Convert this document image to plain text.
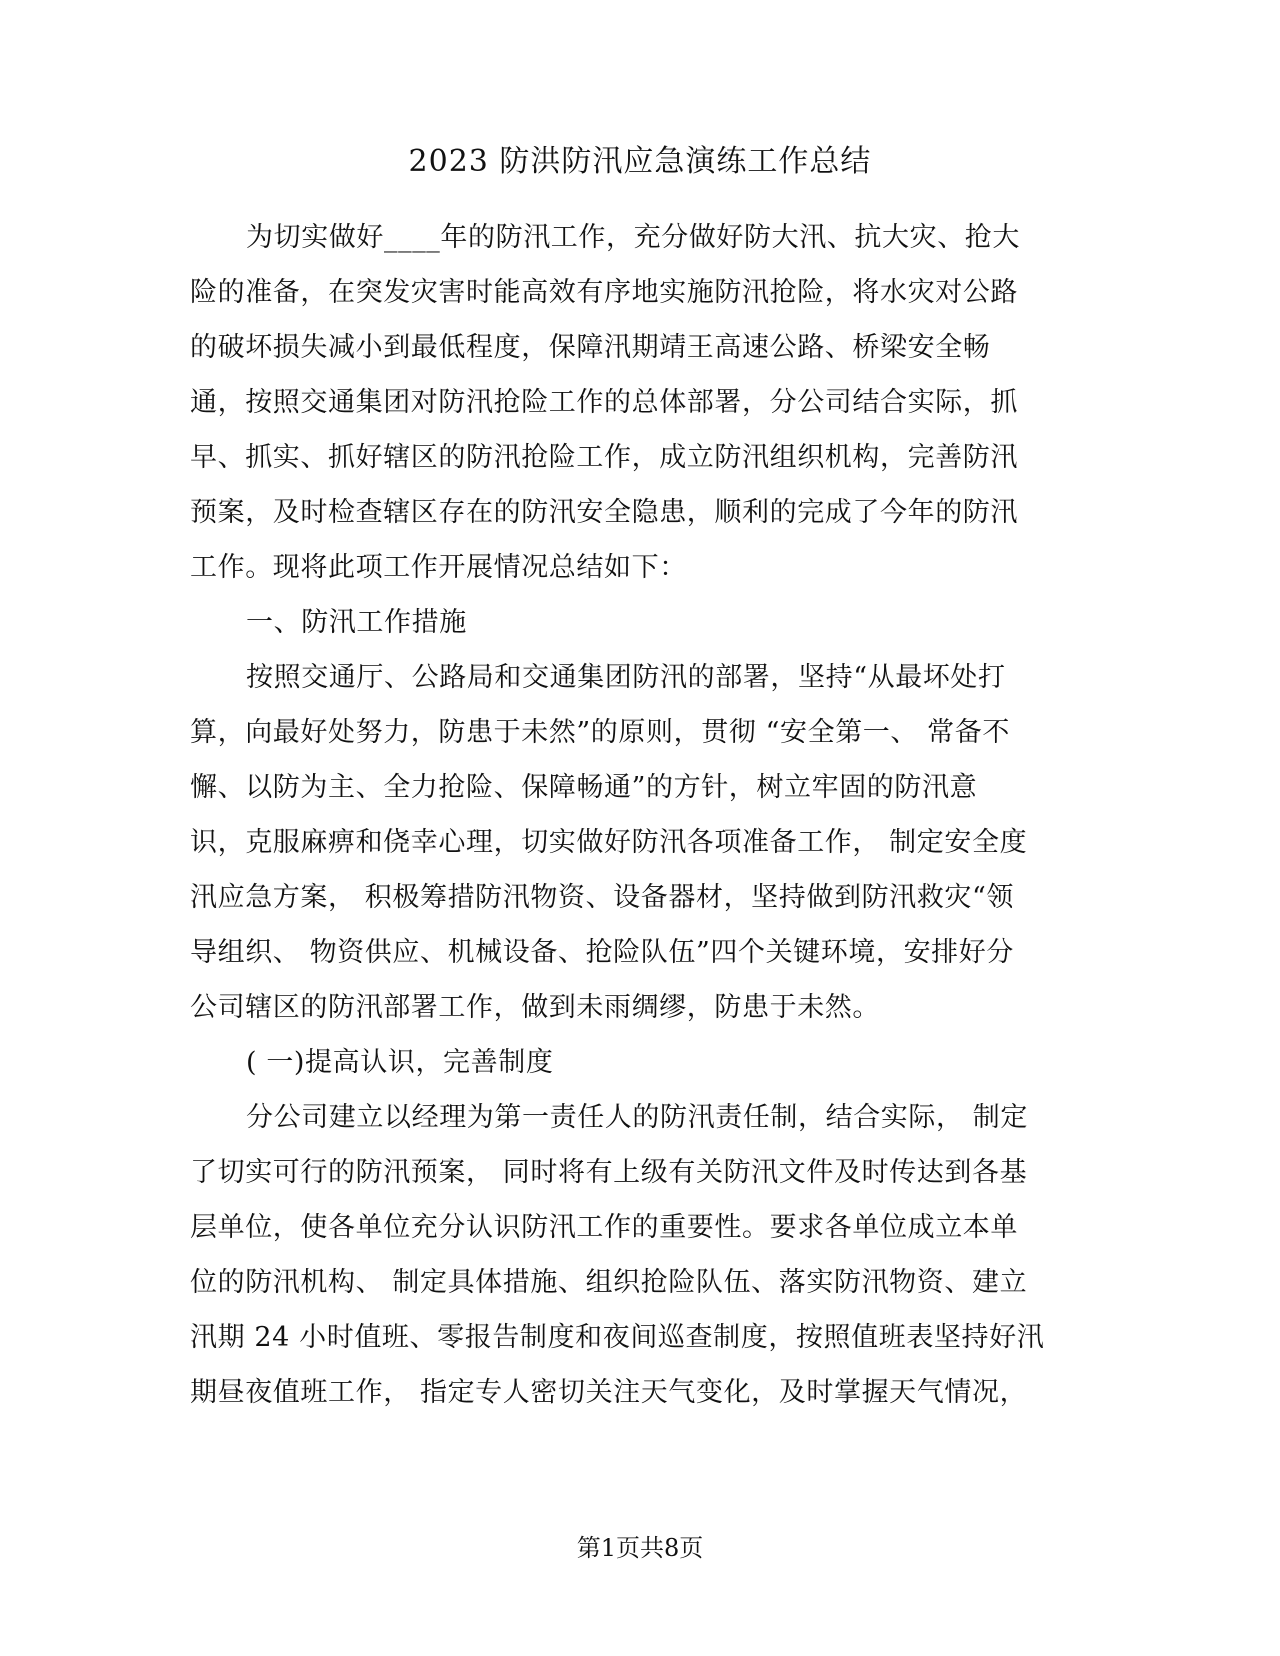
2023 防洪防汛应急演练工作总结
为切实做好____年的防汛工作，充分做好防大汛、抗大灾、抢大
险的准备，在突发灾害时能高效有序地实施防汛抢险，将水灾对公路
的破坏损失减小到最低程度，保障汛期靖王高速公路、桥梁安全畅
通，按照交通集团对防汛抢险工作的总体部署，分公司结合实际，抓
早、抓实、抓好辖区的防汛抢险工作，成立防汛组织机构，完善防汛
预案，及时检查辖区存在的防汛安全隐患，顺利的完成了今年的防汛
工作。现将此项工作开展情况总结如下：
一、防汛工作措施
按照交通厅、公路局和交通集团防汛的部署，坚持“从最坏处打
算，向最好处努力，防患于未然”的原则，贯彻 “安全第一、 常备不
懈、以防为主、全力抢险、保障畅通”的方针，树立牢固的防汛意
识，克服麻痹和侥幸心理，切实做好防汛各项准备工作， 制定安全度
汛应急方案， 积极筹措防汛物资、设备器材，坚持做到防汛救灾“领
导组织、 物资供应、机械设备、抢险队伍”四个关键环境，安排好分
公司辖区的防汛部署工作，做到未雨绸缪，防患于未然。
( 一)提高认识，完善制度
分公司建立以经理为第一责任人的防汛责任制，结合实际， 制定
了切实可行的防汛预案， 同时将有上级有关防汛文件及时传达到各基
层单位，使各单位充分认识防汛工作的重要性。要求各单位成立本单
位的防汛机构、 制定具体措施、组织抢险队伍、落实防汛物资、建立
汛期 24 小时值班、零报告制度和夜间巡查制度，按照值班表坚持好汛
期昼夜值班工作， 指定专人密切关注天气变化，及时掌握天气情况，
第1页共8页
